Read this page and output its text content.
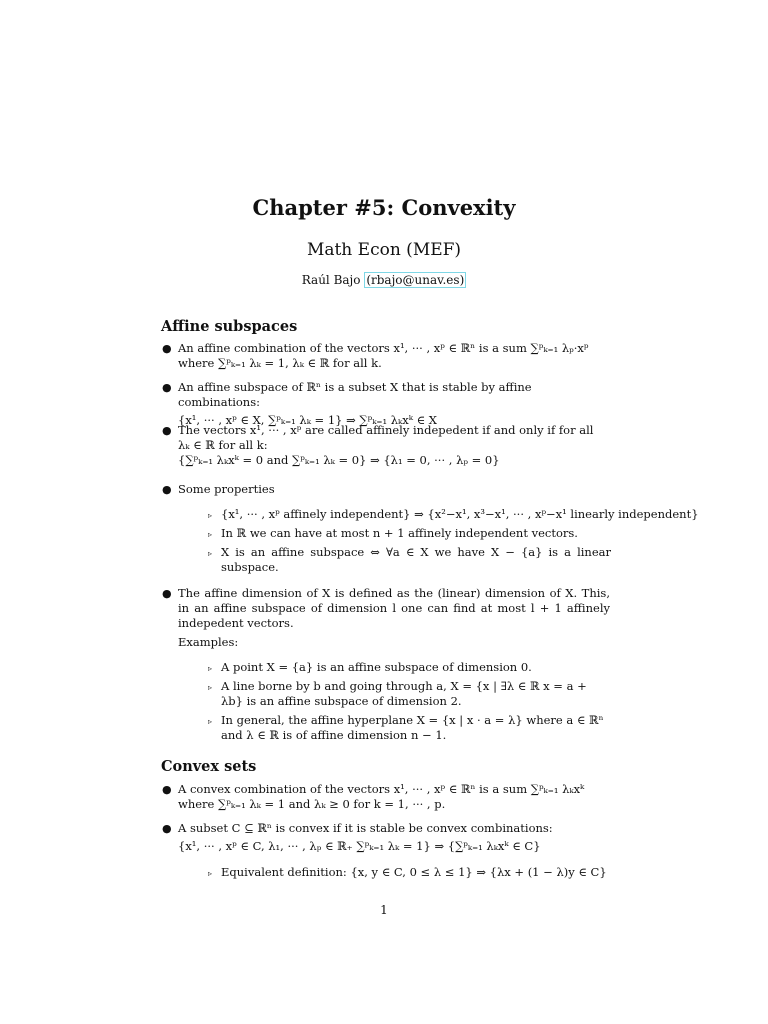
Chapter #5: Convexity
Math Econ (MEF)
Raúl Bajo (rbajo@unav.es)
Affine subspaces
● An affine combination of the vectors x¹, ··· , xᵖ ∈ ℝⁿ is a sum ∑ᵖₖ₌₁ λₚ·xᵖ
where ∑ᵖₖ₌₁ λₖ = 1, λₖ ∈ ℝ for all k.
● An affine subspace of ℝⁿ is a subset X that is stable by affine combinations:
{x¹, ··· , xᵖ ∈ X, ∑ᵖₖ₌₁ λₖ = 1} ⇒ ∑ᵖₖ₌₁ λₖxᵏ ∈ X
● The vectors x¹, ··· , xᵖ are called affinely indepedent if and only if for all
λₖ ∈ ℝ for all k:
{∑ᵖₖ₌₁ λₖxᵏ = 0 and ∑ᵖₖ₌₁ λₖ = 0} ⇒ {λ₁ = 0, ··· , λₚ = 0}
● Some properties
▹ {x¹, ··· , xᵖ affinely independent} ⇒ {x²−x¹, x³−x¹, ··· , xᵖ−x¹ linearly independent}
▹ In ℝ we can have at most n + 1 affinely independent vectors.
▹ X is an affine subspace ⇔ ∀a ∈ X we have X − {a} is a linear subspace.
● The affine dimension of X is defined as the (linear) dimension of X. This, in an affine subspace of dimension l one can find at most l + 1 affinely indepedent vectors.
Examples:
▹ A point X = {a} is an affine subspace of dimension 0.
▹ A line borne by b and going through a, X = {x | ∃λ ∈ ℝ x = a + λb} is an affine subspace of dimension 2.
▹ In general, the affine hyperplane X = {x | x · a = λ} where a ∈ ℝⁿ and λ ∈ ℝ is of affine dimension n − 1.
Convex sets
● A convex combination of the vectors x¹, ··· , xᵖ ∈ ℝⁿ is a sum ∑ᵖₖ₌₁ λₖxᵏ
where ∑ᵖₖ₌₁ λₖ = 1 and λₖ ≥ 0 for k = 1, ··· , p.
● A subset C ⊆ ℝⁿ is convex if it is stable be convex combinations:
{x¹, ··· , xᵖ ∈ C, λ₁, ··· , λₚ ∈ ℝ₊ ∑ᵖₖ₌₁ λₖ = 1} ⇒ {∑ᵖₖ₌₁ λₖxᵏ ∈ C}
▹ Equivalent definition: {x, y ∈ C, 0 ≤ λ ≤ 1} ⇒ {λx + (1 − λ)y ∈ C}
1
